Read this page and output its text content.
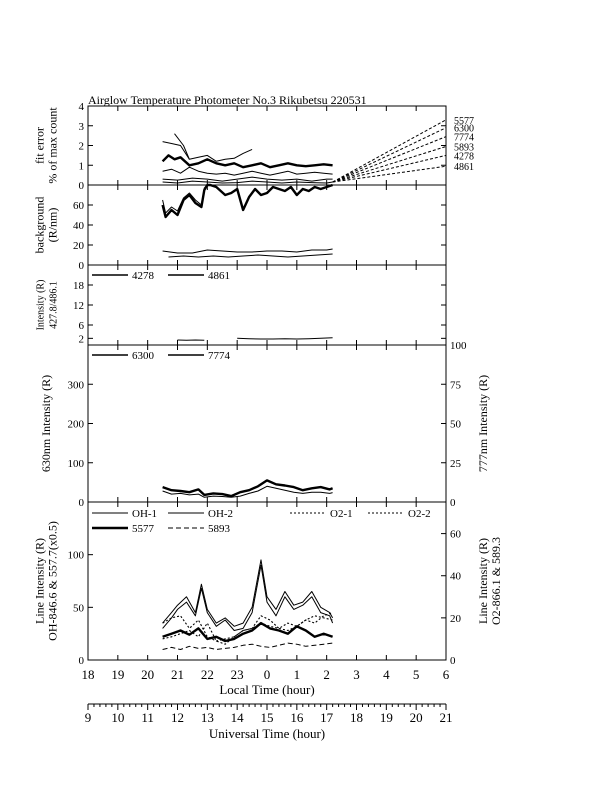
Airglow Temperature Photometer No.3 Rikubetsu 220531
0
1
2
3
4
fit error % of max count	5577
6300
7774
5893
4278
4861
0
20
40
60
background (R/nm)
2
6
12
18
Intensity (R) 427.8/486.1
4278	4861
0
100
200
300
0
25
50
75
100
630nm Intensity (R)	777nm Intensity (R)
6300	7774
0
50
100
0
20
40
60
Line Intensity (R) OH-846.6 & 557.7(x0.5)	Line Intensity (R) O2-866.1 & 589.3
OH-1	OH-2	O2-1	O2-2
5577	5893
18 19 20 21 22 23 0 1 2 3 4 5 6
Local Time (hour)
9 10 11 12 13 14 15 16 17 18 19 20 21
Universal Time (hour)
